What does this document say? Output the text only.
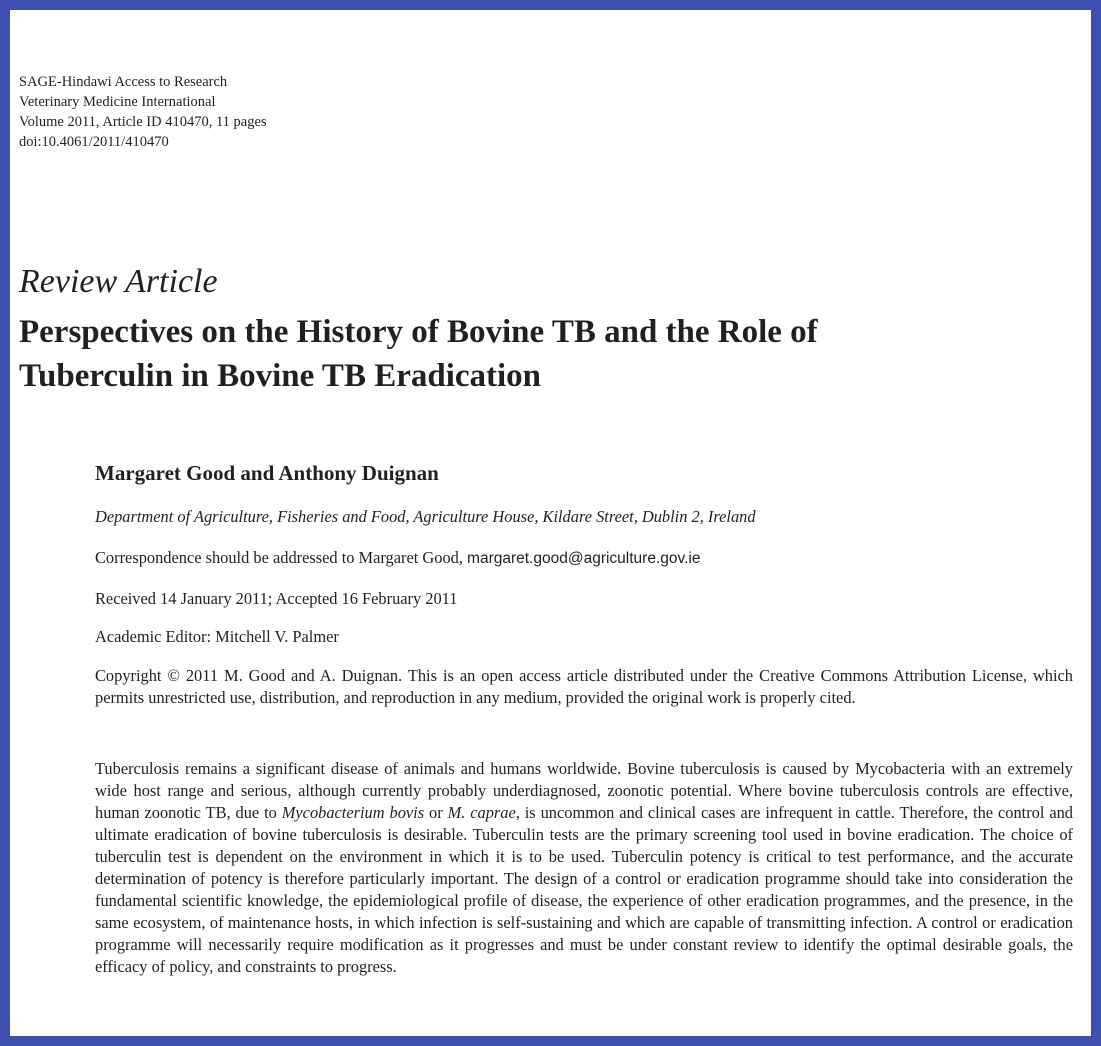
SAGE-Hindawi Access to Research
Veterinary Medicine International
Volume 2011, Article ID 410470, 11 pages
doi:10.4061/2011/410470
Review Article
Perspectives on the History of Bovine TB and the Role of
Tuberculin in Bovine TB Eradication
Margaret Good and Anthony Duignan
Department of Agriculture, Fisheries and Food, Agriculture House, Kildare Street, Dublin 2, Ireland
Correspondence should be addressed to Margaret Good, margaret.good@agriculture.gov.ie
Received 14 January 2011; Accepted 16 February 2011
Academic Editor: Mitchell V. Palmer
Copyright © 2011 M. Good and A. Duignan. This is an open access article distributed under the Creative Commons Attribution License, which permits unrestricted use, distribution, and reproduction in any medium, provided the original work is properly cited.
Tuberculosis remains a significant disease of animals and humans worldwide. Bovine tuberculosis is caused by Mycobacteria with an extremely wide host range and serious, although currently probably underdiagnosed, zoonotic potential. Where bovine tuberculosis controls are effective, human zoonotic TB, due to Mycobacterium bovis or M. caprae, is uncommon and clinical cases are infrequent in cattle. Therefore, the control and ultimate eradication of bovine tuberculosis is desirable. Tuberculin tests are the primary screening tool used in bovine eradication. The choice of tuberculin test is dependent on the environment in which it is to be used. Tuberculin potency is critical to test performance, and the accurate determination of potency is therefore particularly important. The design of a control or eradication programme should take into consideration the fundamental scientific knowledge, the epidemiological profile of disease, the experience of other eradication programmes, and the presence, in the same ecosystem, of maintenance hosts, in which infection is self-sustaining and which are capable of transmitting infection. A control or eradication programme will necessarily require modification as it progresses and must be under constant review to identify the optimal desirable goals, the efficacy of policy, and constraints to progress.
